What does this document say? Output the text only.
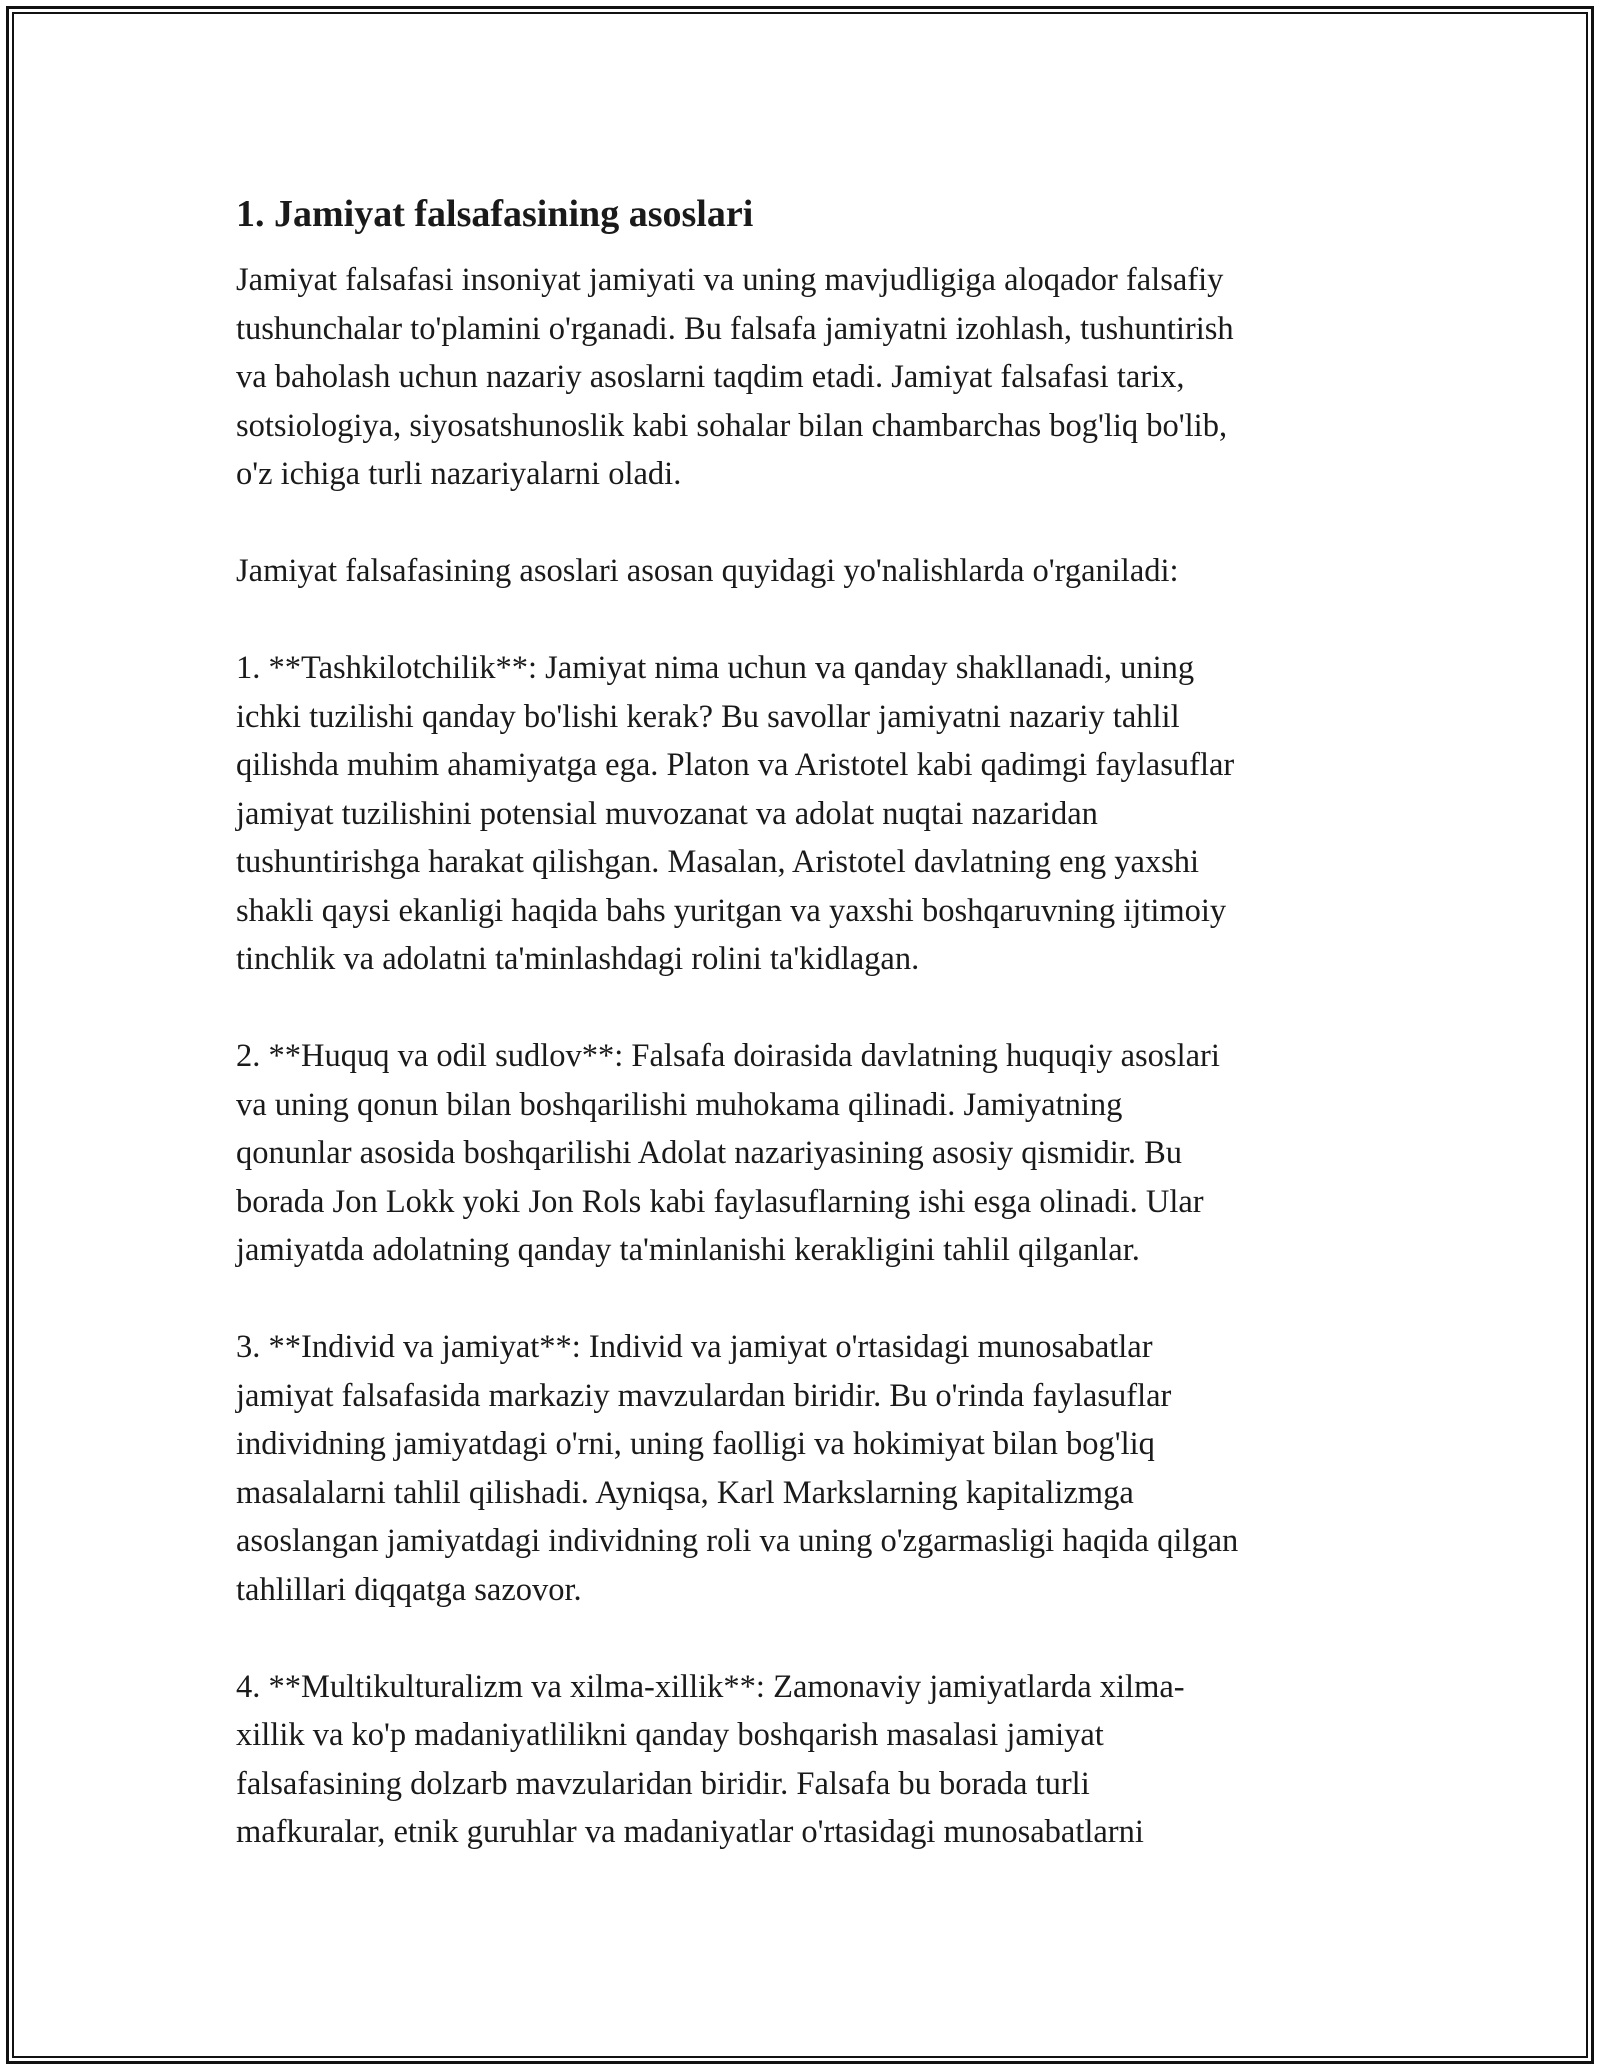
1. Jamiyat falsafasining asoslari

Jamiyat falsafasi insoniyat jamiyati va uning mavjudligiga aloqador falsafiy
tushunchalar to'plamini o'rganadi. Bu falsafa jamiyatni izohlash, tushuntirish
va baholash uchun nazariy asoslarni taqdim etadi. Jamiyat falsafasi tarix,
sotsiologiya, siyosatshunoslik kabi sohalar bilan chambarchas bog'liq bo'lib,
o'z ichiga turli nazariyalarni oladi.

Jamiyat falsafasining asoslari asosan quyidagi yo'nalishlarda o'rganiladi:

1. **Tashkilotchilik**: Jamiyat nima uchun va qanday shakllanadi, uning
ichki tuzilishi qanday bo'lishi kerak? Bu savollar jamiyatni nazariy tahlil
qilishda muhim ahamiyatga ega. Platon va Aristotel kabi qadimgi faylasuflar
jamiyat tuzilishini potensial muvozanat va adolat nuqtai nazaridan
tushuntirishga harakat qilishgan. Masalan, Aristotel davlatning eng yaxshi
shakli qaysi ekanligi haqida bahs yuritgan va yaxshi boshqaruvning ijtimoiy
tinchlik va adolatni ta'minlashdagi rolini ta'kidlagan.

2. **Huquq va odil sudlov**: Falsafa doirasida davlatning huquqiy asoslari
va uning qonun bilan boshqarilishi muhokama qilinadi. Jamiyatning
qonunlar asosida boshqarilishi Adolat nazariyasining asosiy qismidir. Bu
borada Jon Lokk yoki Jon Rols kabi faylasuflarning ishi esga olinadi. Ular
jamiyatda adolatning qanday ta'minlanishi kerakligini tahlil qilganlar.

3. **Individ va jamiyat**: Individ va jamiyat o'rtasidagi munosabatlar
jamiyat falsafasida markaziy mavzulardan biridir. Bu o'rinda faylasuflar
individning jamiyatdagi o'rni, uning faolligi va hokimiyat bilan bog'liq
masalalarni tahlil qilishadi. Ayniqsa, Karl Markslarning kapitalizmga
asoslangan jamiyatdagi individning roli va uning o'zgarmasligi haqida qilgan
tahlillari diqqatga sazovor.

4. **Multikulturalizm va xilma-xillik**: Zamonaviy jamiyatlarda xilma-
xillik va ko'p madaniyatlilikni qanday boshqarish masalasi jamiyat
falsafasining dolzarb mavzularidan biridir. Falsafa bu borada turli
mafkuralar, etnik guruhlar va madaniyatlar o'rtasidagi munosabatlarni
